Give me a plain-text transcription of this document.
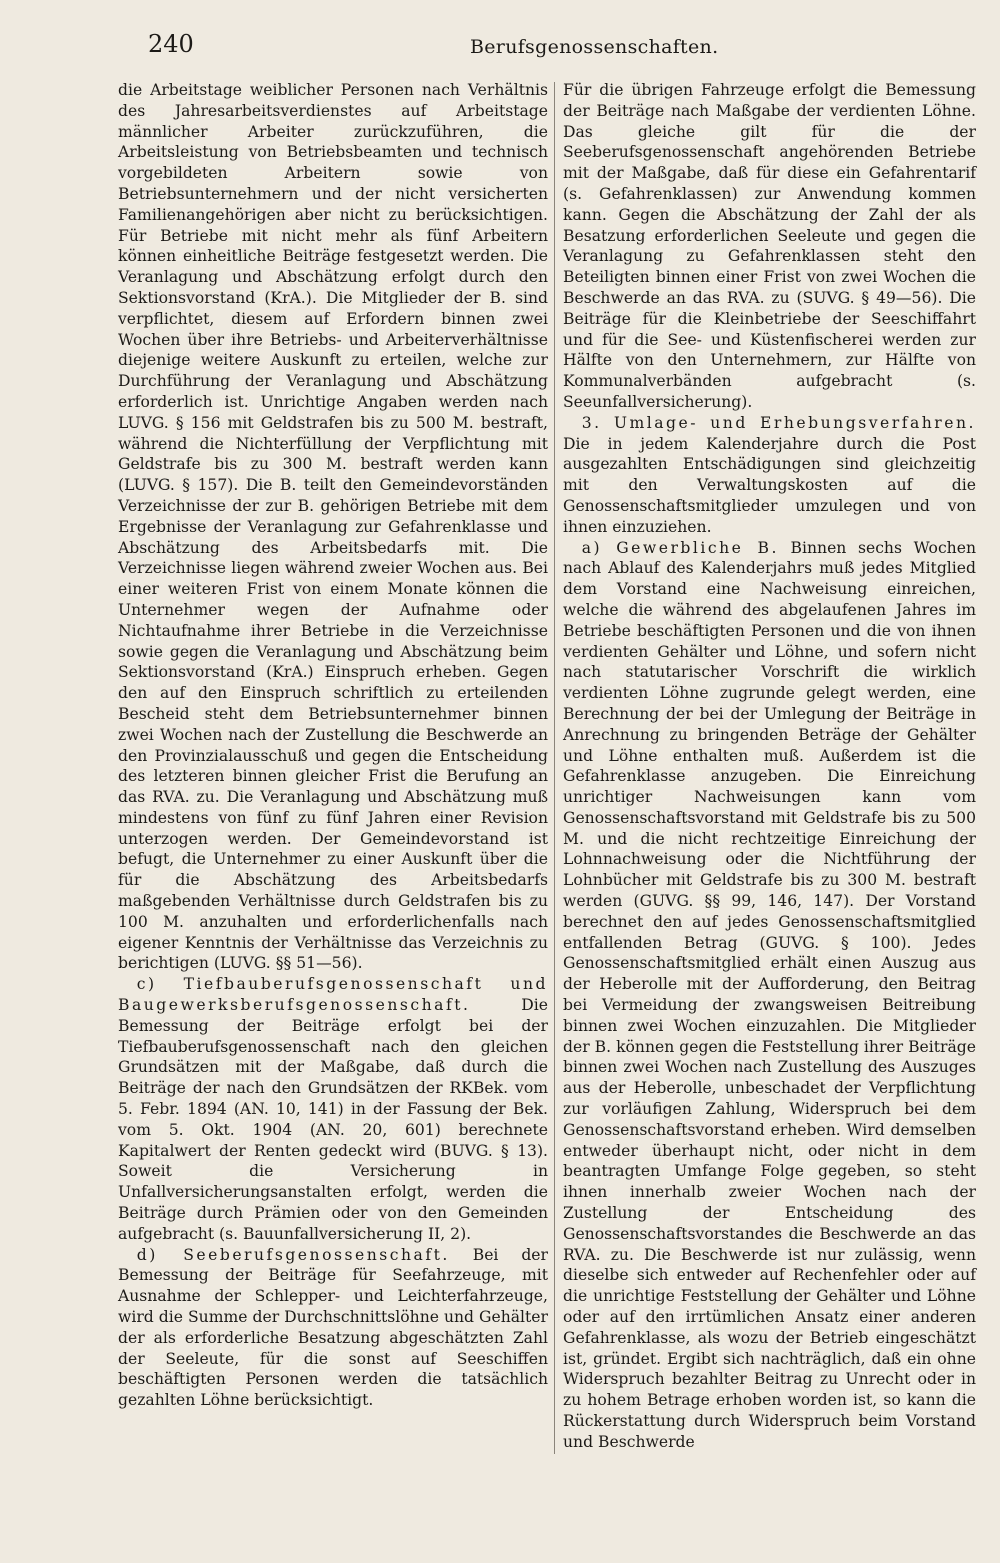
240	Berufsgenossenschaften.

die Arbeitstage weiblicher Personen nach Verhältnis des Jahresarbeitsverdienstes auf Arbeitstage männlicher Arbeiter zurückzuführen, die Arbeitsleistung von Betriebsbeamten und technisch vorgebildeten Arbeitern sowie von Betriebsunternehmern und der nicht versicherten Familienangehörigen aber nicht zu berücksichtigen. Für Betriebe mit nicht mehr als fünf Arbeitern können einheitliche Beiträge festgesetzt werden. Die Veranlagung und Abschätzung erfolgt durch den Sektionsvorstand (KrA.). Die Mitglieder der B. sind verpflichtet, diesem auf Erfordern binnen zwei Wochen über ihre Betriebs- und Arbeiterverhältnisse diejenige weitere Auskunft zu erteilen, welche zur Durchführung der Veranlagung und Abschätzung erforderlich ist. Unrichtige Angaben werden nach LUVG. § 156 mit Geldstrafen bis zu 500 M. bestraft, während die Nichterfüllung der Verpflichtung mit Geldstrafe bis zu 300 M. bestraft werden kann (LUVG. § 157). Die B. teilt den Gemeindevorständen Verzeichnisse der zur B. gehörigen Betriebe mit dem Ergebnisse der Veranlagung zur Gefahrenklasse und Abschätzung des Arbeitsbedarfs mit. Die Verzeichnisse liegen während zweier Wochen aus. Bei einer weiteren Frist von einem Monate können die Unternehmer wegen der Aufnahme oder Nichtaufnahme ihrer Betriebe in die Verzeichnisse sowie gegen die Veranlagung und Abschätzung beim Sektionsvorstand (KrA.) Einspruch erheben. Gegen den auf den Einspruch schriftlich zu erteilenden Bescheid steht dem Betriebsunternehmer binnen zwei Wochen nach der Zustellung die Beschwerde an den Provinzialausschuß und gegen die Entscheidung des letzteren binnen gleicher Frist die Berufung an das RVA. zu. Die Veranlagung und Abschätzung muß mindestens von fünf zu fünf Jahren einer Revision unterzogen werden. Der Gemeindevorstand ist befugt, die Unternehmer zu einer Auskunft über die für die Abschätzung des Arbeitsbedarfs maßgebenden Verhältnisse durch Geldstrafen bis zu 100 M. anzuhalten und erforderlichenfalls nach eigener Kenntnis der Verhältnisse das Verzeichnis zu berichtigen (LUVG. §§ 51—56).

c) Tiefbauberufsgenossenschaft und Baugewerksberufsgenossenschaft.	Die Bemessung der Beiträge erfolgt bei der Tiefbauberufsgenossenschaft nach den gleichen Grundsätzen mit der Maßgabe, daß durch die Beiträge der nach den Grundsätzen der RKBek. vom 5. Febr. 1894 (AN. 10, 141) in der Fassung der Bek. vom 5. Okt. 1904 (AN. 20, 601) berechnete Kapitalwert der Renten gedeckt wird (BUVG. § 13). Soweit die Versicherung in Unfallversicherungsanstalten erfolgt, werden die Beiträge durch Prämien oder von den Gemeinden aufgebracht (s. Bauunfallversicherung II, 2).

d) Seeberufsgenossenschaft. Bei der Bemessung der Beiträge für Seefahrzeuge, mit Ausnahme der Schlepper- und Leichterfahrzeuge, wird die Summe der Durchschnittslöhne und Gehälter der als erforderliche Besatzung abgeschätzten Zahl der Seeleute, für die sonst auf Seeschiffen beschäftigten Personen werden die tatsächlich gezahlten Löhne berücksichtigt.

Für die übrigen Fahrzeuge erfolgt die Bemessung der Beiträge nach Maßgabe der verdienten Löhne. Das gleiche gilt für die der Seeberufsgenossenschaft angehörenden Betriebe mit der Maßgabe, daß für diese ein Gefahrentarif (s. Gefahrenklassen) zur Anwendung kommen kann. Gegen die Abschätzung der Zahl der als Besatzung erforderlichen Seeleute und gegen die Veranlagung zu Gefahrenklassen steht den Beteiligten binnen einer Frist von zwei Wochen die Beschwerde an das RVA. zu (SUVG. § 49—56). Die Beiträge für die Kleinbetriebe der Seeschiffahrt und für die See- und Küstenfischerei werden zur Hälfte von den Unternehmern, zur Hälfte von Kommunalverbänden aufgebracht (s. Seeunfallversicherung).

3. Umlage- und Erhebungsverfahren. Die in jedem Kalenderjahre durch die Post ausgezahlten Entschädigungen sind gleichzeitig mit den Verwaltungskosten auf die Genossenschaftsmitglieder umzulegen und von ihnen einzuziehen.

a) Gewerbliche B. Binnen sechs Wochen nach Ablauf des Kalenderjahrs muß jedes Mitglied dem Vorstand eine Nachweisung einreichen, welche die während des abgelaufenen Jahres im Betriebe beschäftigten Personen und die von ihnen verdienten Gehälter und Löhne, und sofern nicht nach statutarischer Vorschrift die wirklich verdienten Löhne zugrunde gelegt werden, eine Berechnung der bei der Umlegung der Beiträge in Anrechnung zu bringenden Beträge der Gehälter und Löhne enthalten muß. Außerdem ist die Gefahrenklasse anzugeben. Die Einreichung unrichtiger Nachweisungen kann vom Genossenschaftsvorstand mit Geldstrafe bis zu 500 M. und die nicht rechtzeitige Einreichung der Lohnnachweisung oder die Nichtführung der Lohnbücher mit Geldstrafe bis zu 300 M. bestraft werden (GUVG. §§ 99, 146, 147). Der Vorstand berechnet den auf jedes Genossenschaftsmitglied entfallenden Betrag (GUVG. § 100). Jedes Genossenschaftsmitglied erhält einen Auszug aus der Heberolle mit der Aufforderung, den Beitrag bei Vermeidung der zwangsweisen Beitreibung binnen zwei Wochen einzuzahlen. Die Mitglieder der B. können gegen die Feststellung ihrer Beiträge binnen zwei Wochen nach Zustellung des Auszuges aus der Heberolle, unbeschadet der Verpflichtung zur vorläufigen Zahlung, Widerspruch bei dem Genossenschaftsvorstand erheben. Wird demselben entweder überhaupt nicht, oder nicht in dem beantragten Umfange Folge gegeben, so steht ihnen innerhalb zweier Wochen nach der Zustellung der Entscheidung des Genossenschaftsvorstandes die Beschwerde an das RVA. zu. Die Beschwerde ist nur zulässig, wenn dieselbe sich entweder auf Rechenfehler oder auf die unrichtige Feststellung der Gehälter und Löhne oder auf den irrtümlichen Ansatz einer anderen Gefahrenklasse, als wozu der Betrieb eingeschätzt ist, gründet. Ergibt sich nachträglich, daß ein ohne Widerspruch bezahlter Beitrag zu Unrecht oder in zu hohem Betrage erhoben worden ist, so kann die Rückerstattung durch Widerspruch beim Vorstand und Beschwerde
